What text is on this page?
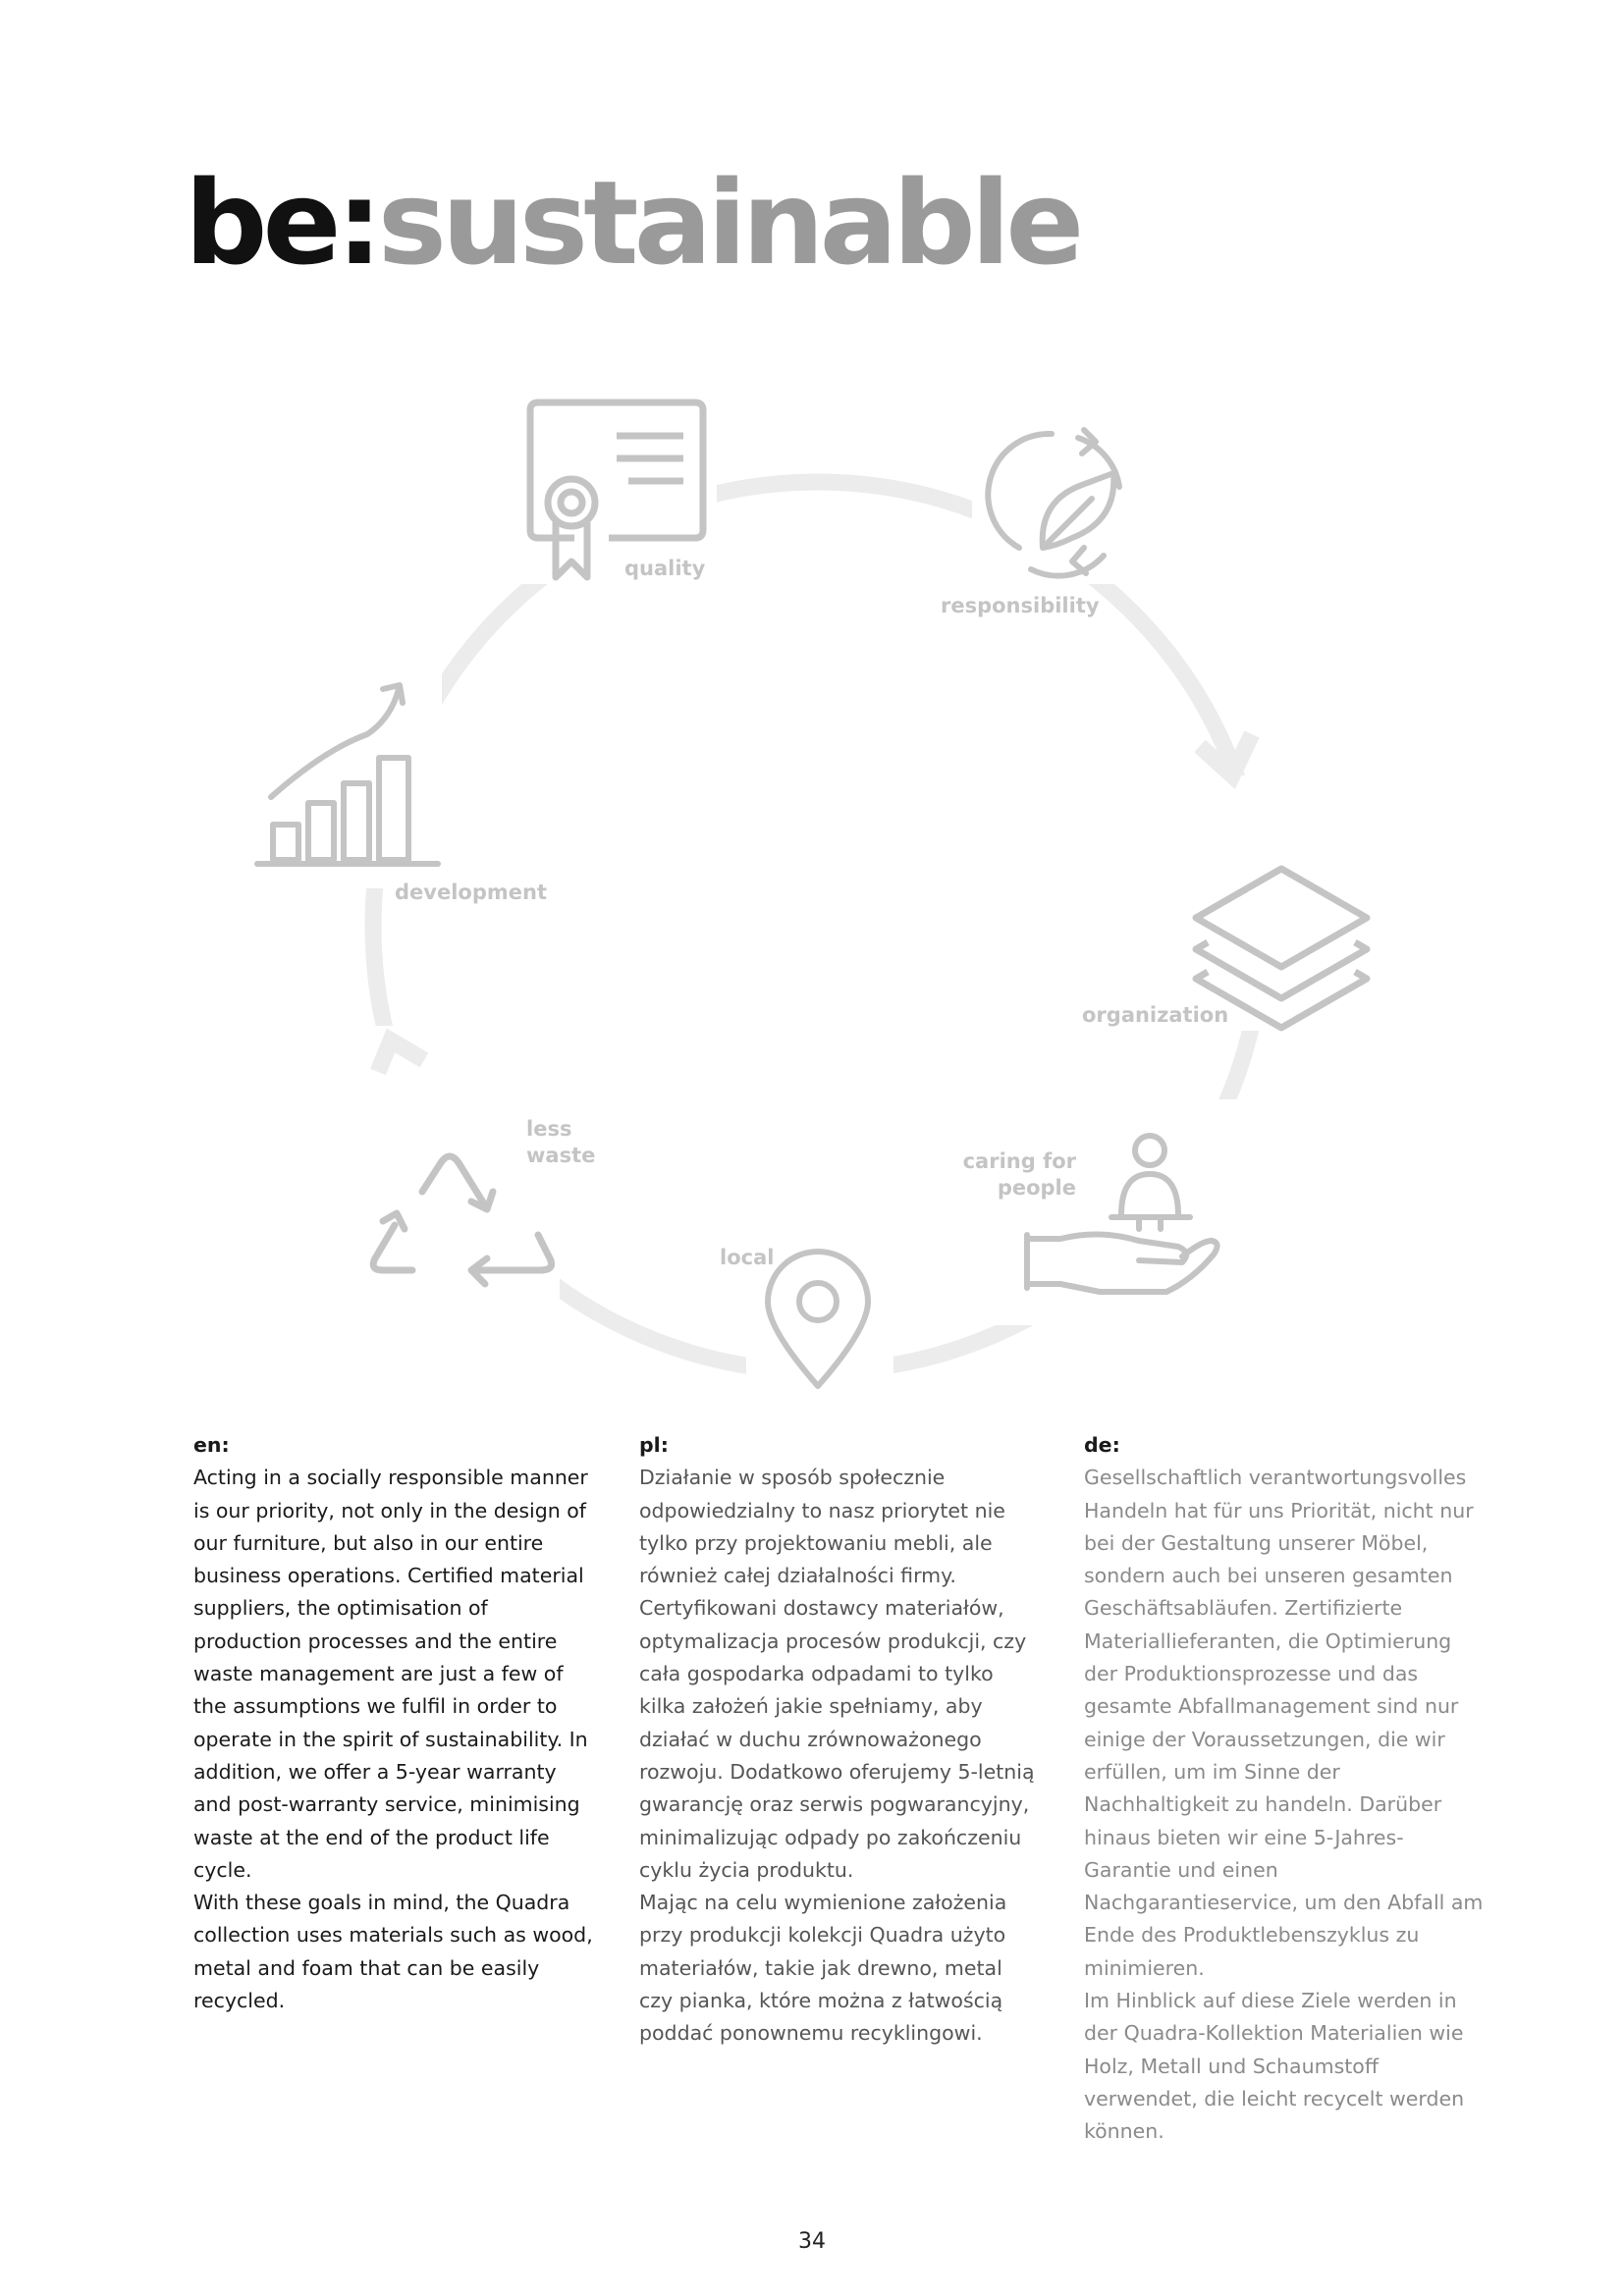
be:sustainable
quality
responsibility
development
organization
less
waste	caring for
people
local
en:

Acting in a socially responsible manner is our priority, not only in the design of our furniture, but also in our entire business operations. Certified material suppliers, the optimisation of production processes and the entire waste management are just a few of the assumptions we fulfil in order to operate in the spirit of sustainability. In addition, we offer a 5-year warranty and post-warranty service, minimising waste at the end of the product life cycle.

With these goals in mind, the Quadra collection uses materials such as wood, metal and foam that can be easily recycled.

pl:

Działanie w sposób społecznie odpowiedzialny to nasz priorytet nie tylko przy projektowaniu mebli, ale również całej działalności firmy. Certyfikowani dostawcy materiałów, optymalizacja procesów produkcji, czy cała gospodarka odpadami to tylko kilka założeń jakie spełniamy, aby działać w duchu zrównoważonego rozwoju. Dodatkowo oferujemy 5-letnią gwarancję oraz serwis pogwarancyjny, minimalizując odpady po zakończeniu cyklu życia produktu.

Mając na celu wymienione założenia przy produkcji kolekcji Quadra użyto materiałów, takie jak drewno, metal czy pianka, które można z łatwością poddać ponownemu recyklingowi.

de:

Gesellschaftlich verantwortungsvolles Handeln hat für uns Priorität, nicht nur bei der Gestaltung unserer Möbel, sondern auch bei unseren gesamten Geschäftsabläufen. Zertifizierte Materiallieferanten, die Optimierung der Produktionsprozesse und das gesamte Abfallmanagement sind nur einige der Voraussetzungen, die wir erfüllen, um im Sinne der Nachhaltigkeit zu handeln. Darüber hinaus bieten wir eine 5-Jahres-Garantie und einen Nachgarantieservice, um den Abfall am Ende des Produktlebenszyklus zu minimieren.

Im Hinblick auf diese Ziele werden in der Quadra-Kollektion Materialien wie Holz, Metall und Schaumstoff verwendet, die leicht recycelt werden können.

34
